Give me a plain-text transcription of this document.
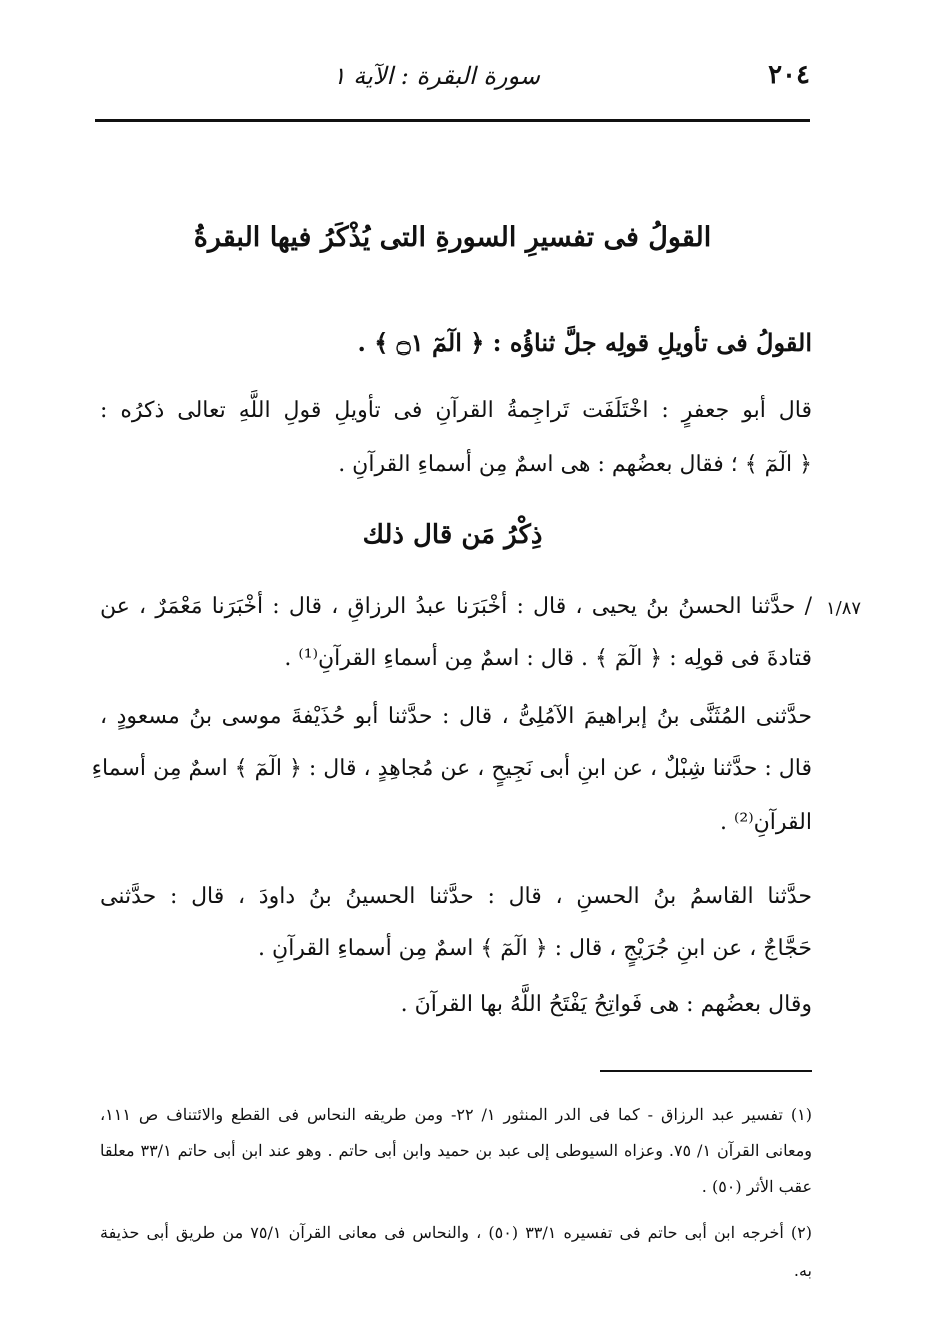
٢٠٤
سورة البقرة : الآية ١
القولُ فى تفسيرِ السورةِ التى يُذْكَرُ فيها البقرةُ
القولُ فى تأويلِ قولِه جلَّ ثناؤُه : ﴿ الٓمٓ ۝١ ﴾ .
قال أبو جعفرٍ : اخْتَلَفَت تَراجِمةُ القرآنِ فى تأويلِ قولِ اللَّهِ تعالى ذكرُه :
﴿ الٓمٓ ﴾ ؛ فقال بعضُهم : هى اسمٌ مِن أسماءِ القرآنِ .
ذِكْرُ مَن قال ذلك
١/٨٧
/ حدَّثنا الحسنُ بنُ يحيى ، قال : أخْبَرَنا عبدُ الرزاقِ ، قال : أخْبَرَنا مَعْمَرٌ ، عن
قتادةَ فى قولِه : ﴿ الٓمٓ ﴾ . قال : اسمٌ مِن أسماءِ القرآنِ⁽¹⁾ .
حدَّثنى المُثَنَّى بنُ إبراهيمَ الآمُلِىُّ ، قال : حدَّثنا أبو حُذَيْفةَ موسى بنُ مسعودٍ ،
قال : حدَّثنا شِبْلٌ ، عن ابنِ أبى نَجِيحٍ ، عن مُجاهِدٍ ، قال : ﴿ الٓمٓ ﴾ اسمٌ مِن أسماءِ
القرآنِ⁽²⁾ .
حدَّثنا القاسمُ بنُ الحسنِ ، قال : حدَّثنا الحسينُ بنُ داودَ ، قال : حدَّثنى
حَجَّاجٌ ، عن ابنِ جُرَيْجٍ ، قال : ﴿ الٓمٓ ﴾ اسمٌ مِن أسماءِ القرآنِ .
وقال بعضُهم : هى فَواتِحُ يَفْتَحُ اللَّهُ بها القرآنَ .
(١) تفسير عبد الرزاق - كما فى الدر المنثور ١/ ٢٢- ومن طريقه النحاس فى القطع والائتناف ص ١١١،
ومعانى القرآن ١/ ٧٥. وعزاه السيوطى إلى عبد بن حميد وابن أبى حاتم . وهو عند ابن أبى حاتم ٣٣/١ معلقا
عقب الأثر (٥٠) .
(٢) أخرجه ابن أبى حاتم فى تفسيره ٣٣/١ (٥٠) ، والنحاس فى معانى القرآن ٧٥/١ من طريق أبى حذيفة
به.
